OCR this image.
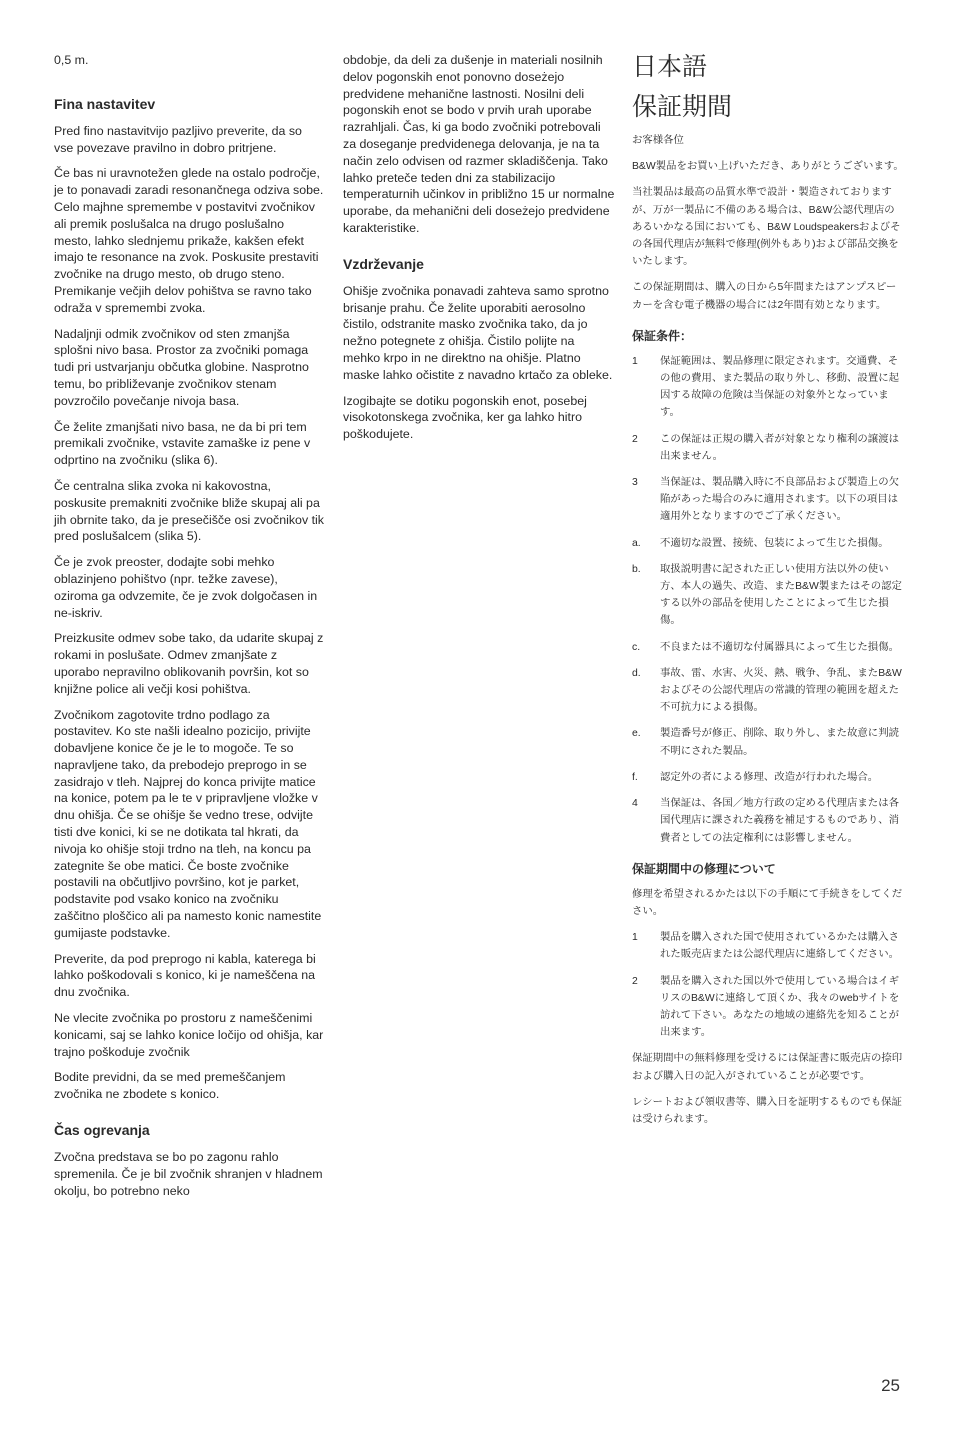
0,5 m.

Fina nastavitev

Pred fino nastavitvijo pazljivo preverite, da so vse povezave pravilno in dobro pritrjene.

Če bas ni uravnotežen glede na ostalo področje, je to ponavadi zaradi resonančnega odziva sobe. Celo majhne spremembe v postavitvi zvočnikov ali premik poslušalca na drugo poslušalno mesto, lahko slednjemu prikaže, kakšen efekt imajo te resonance na zvok. Poskusite prestaviti zvočnike na drugo mesto, ob drugo steno. Premikanje večjih delov pohištva se ravno tako odraža v spremembi zvoka.

Nadaljnji odmik zvočnikov od sten zmanjša splošni nivo basa. Prostor za zvočniki pomaga tudi pri ustvarjanju občutka globine. Nasprotno temu, bo približevanje zvočnikov stenam povzročilo povečanje nivoja basa.

Če želite zmanjšati nivo basa, ne da bi pri tem premikali zvočnike, vstavite zamaške iz pene v odprtino na zvočniku (slika 6).

Če centralna slika zvoka ni kakovostna, poskusite premakniti zvočnike bliže skupaj ali pa jih obrnite tako, da je presečišče osi zvočnikov tik pred poslušalcem (slika 5).

Če je zvok preoster, dodajte sobi mehko oblazinjeno pohištvo (npr. težke zavese), oziroma ga odvzemite, če je zvok dolgočasen in ne-iskriv.

Preizkusite odmev sobe tako, da udarite skupaj z rokami in poslušate. Odmev zmanjšate z uporabo nepravilno oblikovanih površin, kot so knjižne police ali večji kosi pohištva.

Zvočnikom zagotovite trdno podlago za postavitev. Ko ste našli idealno pozicijo, privijte dobavljene konice če je le to mogoče. Te so napravljene tako, da prebodejo preprogo in se zasidrajo v tleh. Najprej do konca privijte matice na konice, potem pa le te v pripravljene vložke v dnu ohišja. Če se ohišje še vedno trese, odvijte tisti dve konici, ki se ne dotikata tal hkrati, da nivoja ko ohišje stoji trdno na tleh, na koncu pa zategnite še obe matici. Če boste zvočnike postavili na občutljivo površino, kot je parket, podstavite pod vsako konico na zvočniku zaščitno ploščico ali pa namesto konic namestite gumijaste podstavke.

Preverite, da pod preprogo ni kabla, katerega bi lahko poškodovali s konico, ki je nameščena na dnu zvočnika.

Ne vlecite zvočnika po prostoru z nameščenimi konicami, saj se lahko konice ločijo od ohišja, kar trajno poškoduje zvočnik

Bodite previdni, da se med premeščanjem zvočnika ne zbodete s konico.

Čas ogrevanja

Zvočna predstava se bo po zagonu rahlo spremenila. Če je bil zvočnik shranjen v hladnem okolju, bo potrebno neko

obdobje, da deli za dušenje in materiali nosilnih delov pogonskih enot ponovno doseżejo predvidene mehanične lastnosti. Nosilni deli pogonskih enot se bodo v prvih urah uporabe razrahljali. Čas, ki ga bodo zvočniki potrebovali za doseganje predvidenega delovanja, je na ta način zelo odvisen od razmer skladiščenja. Tako lahko preteče teden dni za stabilizacijo temperaturnih učinkov in približno 15 ur normalne uporabe, da mehanični deli doseżejo predvidene karakteristike.

Vzdrževanje

Ohišje zvočnika ponavadi zahteva samo sprotno brisanje prahu. Če želite uporabiti aerosolno čistilo, odstranite masko zvočnika tako, da jo nežno potegnete z ohišja. Čistilo polijte na mehko krpo in ne direktno na ohišje. Platno maske lahko očistite z navadno krtačo za obleke.

Izogibajte se dotiku pogonskih enot, posebej visokotonskega zvočnika, ker ga lahko hitro poškodujete.

日本語
保証期間

お客様各位

B&W製品をお買い上げいただき、ありがとうございます。

当社製品は最高の品質水準で設計・製造されておりますが、万が一製品に不備のある場合は、B&W公認代理店のあるいかなる国においても、B&W Loudspeakersおよびその各国代理店が無料で修理(例外もあり)および部品交換をいたします。

この保証期間は、購入の日から5年間またはアンプスピーカーを含む電子機器の場合には2年間有効となります。

保証条件：
1	保証範囲は、製品修理に限定されます。交通費、その他の費用、また製品の取り外し、移動、設置に起因する故障の危険は当保証の対象外となっています。
2	この保証は正規の購入者が対象となり権利の譲渡は出来ません。
3	当保証は、製品購入時に不良部品および製造上の欠陥があった場合のみに適用されます。以下の項目は適用外となりますのでご了承ください。
a.	不適切な設置、接続、包装によって生じた損傷。
b.	取扱説明書に記された正しい使用方法以外の使い方、本人の過失、改造、またB&W製またはその認定する以外の部品を使用したことによって生じた損傷。
c.	不良または不適切な付属器具によって生じた損傷。
d.	事故、雷、水害、火災、熱、戦争、争乱、またB&Wおよびその公認代理店の常識的管理の範囲を超えた不可抗力による損傷。
e.	製造番号が修正、削除、取り外し、また故意に判読不明にされた製品。
f.	認定外の者による修理、改造が行われた場合。
4	当保証は、各国／地方行政の定める代理店または各国代理店に課された義務を補足するものであり、消費者としての法定権利には影響しません。
保証期間中の修理について

修理を希望されるかたは以下の手順にて手続きをしてください。

1	製品を購入された国で使用されているかたは購入された販売店または公認代理店に連絡してください。
2	製品を購入された国以外で使用している場合はイギリスのB&Wに連絡して頂くか、我々のwebサイトを訪れて下さい。あなたの地域の連絡先を知ることが出来ます。

保証期間中の無料修理を受けるには保証書に販売店の捺印および購入日の記入がされていることが必要です。

レシートおよび領収書等、購入日を証明するものでも保証は受けられます。

25
